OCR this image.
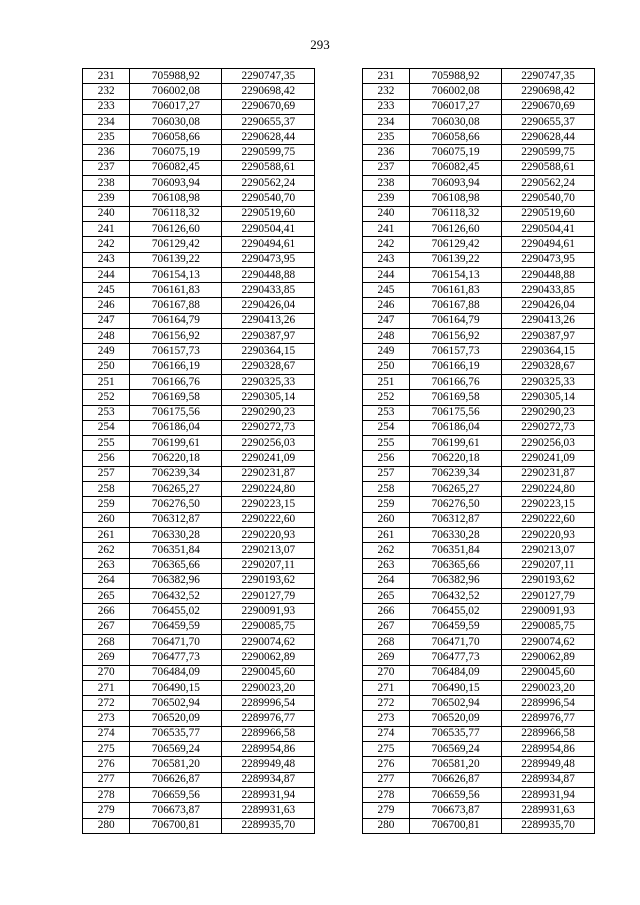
293
231	705988,92	2290747,35		231	705988,92	2290747,35
232	706002,08	2290698,42		232	706002,08	2290698,42
233	706017,27	2290670,69		233	706017,27	2290670,69
234	706030,08	2290655,37		234	706030,08	2290655,37
235	706058,66	2290628,44		235	706058,66	2290628,44
236	706075,19	2290599,75		236	706075,19	2290599,75
237	706082,45	2290588,61		237	706082,45	2290588,61
238	706093,94	2290562,24		238	706093,94	2290562,24
239	706108,98	2290540,70		239	706108,98	2290540,70
240	706118,32	2290519,60		240	706118,32	2290519,60
241	706126,60	2290504,41		241	706126,60	2290504,41
242	706129,42	2290494,61		242	706129,42	2290494,61
243	706139,22	2290473,95		243	706139,22	2290473,95
244	706154,13	2290448,88		244	706154,13	2290448,88
245	706161,83	2290433,85		245	706161,83	2290433,85
246	706167,88	2290426,04		246	706167,88	2290426,04
247	706164,79	2290413,26		247	706164,79	2290413,26
248	706156,92	2290387,97		248	706156,92	2290387,97
249	706157,73	2290364,15		249	706157,73	2290364,15
250	706166,19	2290328,67		250	706166,19	2290328,67
251	706166,76	2290325,33		251	706166,76	2290325,33
252	706169,58	2290305,14		252	706169,58	2290305,14
253	706175,56	2290290,23		253	706175,56	2290290,23
254	706186,04	2290272,73		254	706186,04	2290272,73
255	706199,61	2290256,03		255	706199,61	2290256,03
256	706220,18	2290241,09		256	706220,18	2290241,09
257	706239,34	2290231,87		257	706239,34	2290231,87
258	706265,27	2290224,80		258	706265,27	2290224,80
259	706276,50	2290223,15		259	706276,50	2290223,15
260	706312,87	2290222,60		260	706312,87	2290222,60
261	706330,28	2290220,93		261	706330,28	2290220,93
262	706351,84	2290213,07		262	706351,84	2290213,07
263	706365,66	2290207,11		263	706365,66	2290207,11
264	706382,96	2290193,62		264	706382,96	2290193,62
265	706432,52	2290127,79		265	706432,52	2290127,79
266	706455,02	2290091,93		266	706455,02	2290091,93
267	706459,59	2290085,75		267	706459,59	2290085,75
268	706471,70	2290074,62		268	706471,70	2290074,62
269	706477,73	2290062,89		269	706477,73	2290062,89
270	706484,09	2290045,60		270	706484,09	2290045,60
271	706490,15	2290023,20		271	706490,15	2290023,20
272	706502,94	2289996,54		272	706502,94	2289996,54
273	706520,09	2289976,77		273	706520,09	2289976,77
274	706535,77	2289966,58		274	706535,77	2289966,58
275	706569,24	2289954,86		275	706569,24	2289954,86
276	706581,20	2289949,48		276	706581,20	2289949,48
277	706626,87	2289934,87		277	706626,87	2289934,87
278	706659,56	2289931,94		278	706659,56	2289931,94
279	706673,87	2289931,63		279	706673,87	2289931,63
280	706700,81	2289935,70		280	706700,81	2289935,70
